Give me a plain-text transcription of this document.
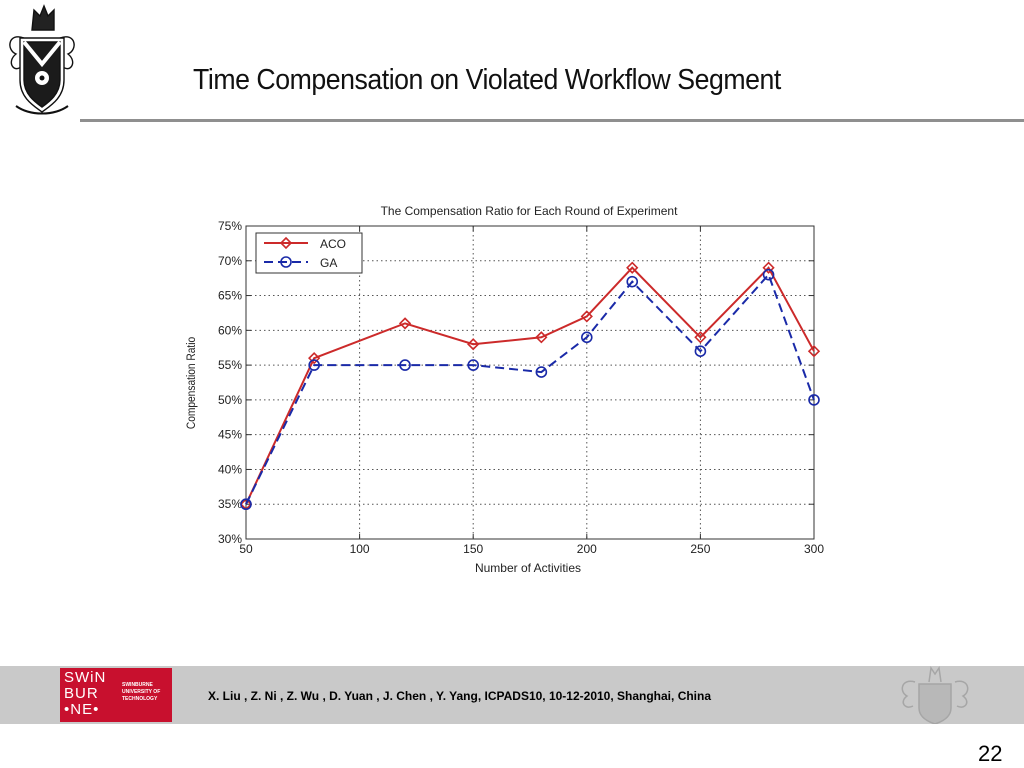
Time Compensation on Violated Workflow Segment
The Compensation Ratio for Each Round of Experiment
30%
35%
40%
45%
50%
55%
60%
65%
70%
75%
50	100	150	200	250	300
Number of Activities
Compensation Ratio
ACO
GA
SWiN
BUR
•NE•
SWINBURNE UNIVERSITY OF TECHNOLOGY	X. Liu , Z. Ni , Z. Wu , D. Yuan , J. Chen , Y. Yang, ICPADS10, 10-12-2010, Shanghai, China
22
